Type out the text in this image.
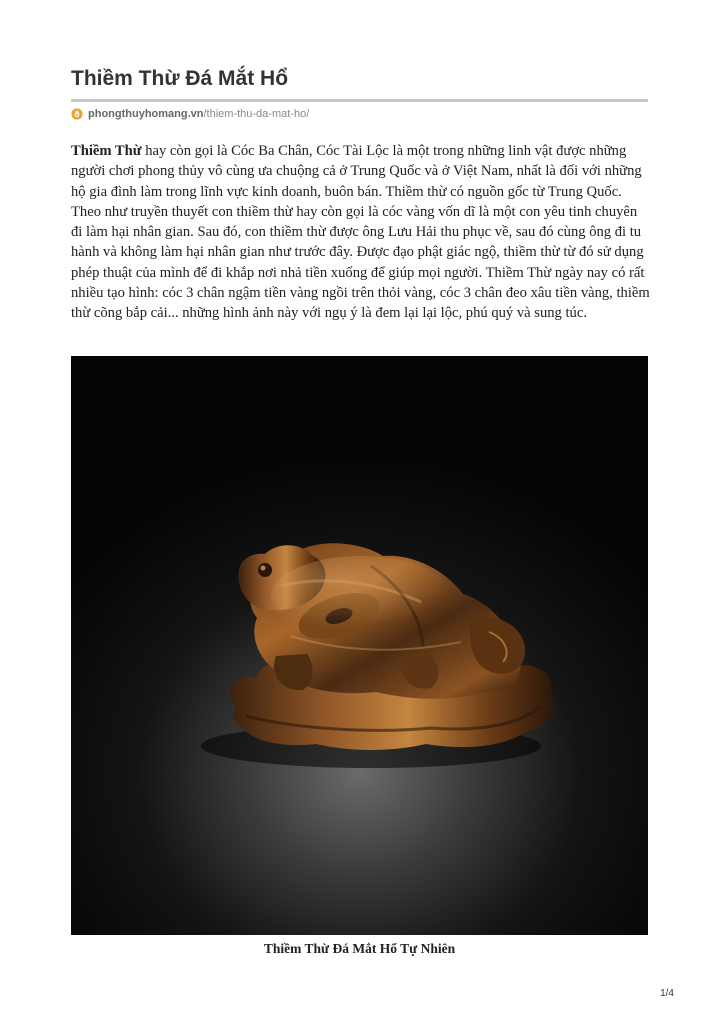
Thiềm Thừ Đá Mắt Hổ
phongthuyhomang.vn/thiem-thu-da-mat-ho/

Thiềm Thừ hay còn gọi là Cóc Ba Chân, Cóc Tài Lộc là một trong những linh vật được những người chơi phong thủy vô cùng ưa chuộng cả ở Trung Quốc và ở Việt Nam, nhất là đối với những hộ gia đình làm trong lĩnh vực kinh doanh, buôn bán. Thiềm thừ có nguồn gốc từ Trung Quốc. Theo như truyền thuyết con thiềm thừ hay còn gọi là cóc vàng vốn dĩ là một con yêu tinh chuyên đi làm hại nhân gian. Sau đó, con thiềm thừ được ông Lưu Hải thu phục về, sau đó cùng ông đi tu hành và không làm hại nhân gian như trước đây. Được đạo phật giác ngộ, thiềm thừ từ đó sử dụng phép thuật của mình để đi khắp nơi nhả tiền xuống để giúp mọi người. Thiềm Thừ ngày nay có rất nhiều tạo hình: cóc 3 chân ngậm tiền vàng ngồi trên thỏi vàng, cóc 3 chân đeo xâu tiền vàng, thiềm thừ cõng bắp cải... những hình ảnh này với ngụ ý là đem lại lại lộc, phú quý và sung túc.

Thiềm Thừ Đá Mắt Hổ Tự Nhiên
1/4
